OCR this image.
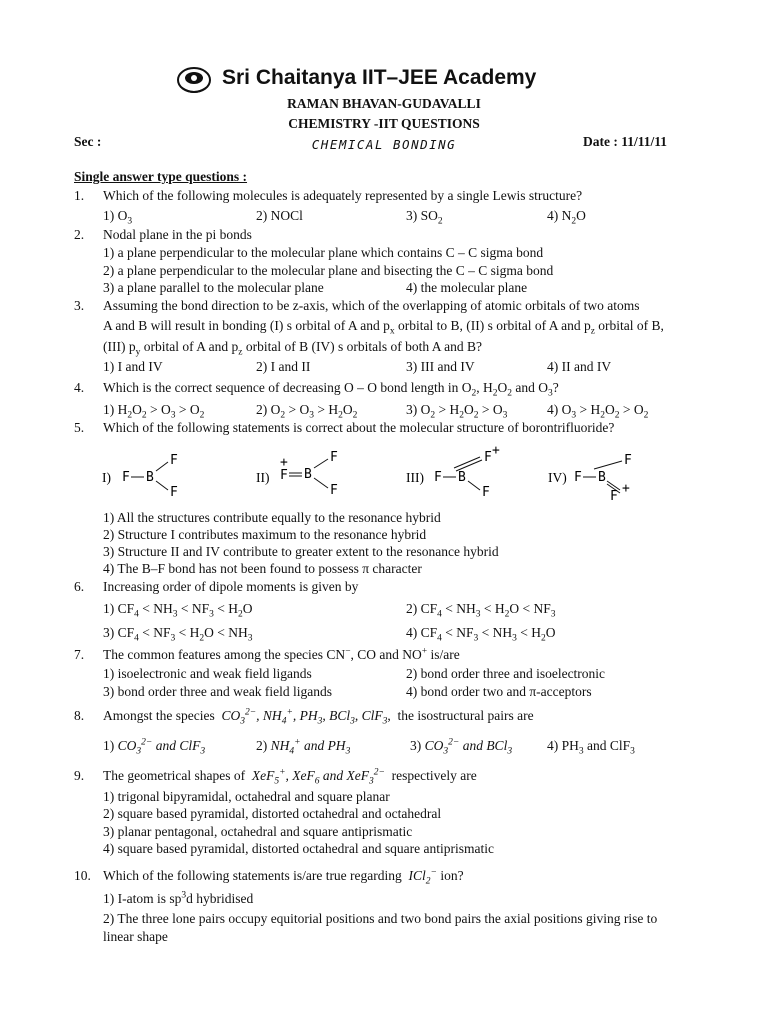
Sri Chaitanya IIT–JEE Academy
RAMAN BHAVAN-GUDAVALLI
CHEMISTRY -IIT QUESTIONS
Sec :	Date : 11/11/11
CHEMICAL BONDING
Single answer type questions :
1. Which of the following molecules is adequately represented by a single Lewis structure?
1) $O_3$	2) NOCl	3) $SO_2$	4) $N_2O$
2. Nodal plane in the pi bonds
1) a plane perpendicular to the molecular plane which contains C – C sigma bond
2) a plane perpendicular to the molecular plane and bisecting the C – C sigma bond
3) a plane parallel to the molecular plane	4) the molecular plane
3. Assuming the bond direction to be z-axis, which of the overlapping of atomic orbitals of two atoms
A and B will result in bonding (I) s orbital of A and $p_x$ orbital to B, (II) s orbital of A and $p_z$ orbital of B,
(III) $p_y$ orbital of A and $p_z$ orbital of B (IV) s orbitals of both A and B?
1) I and IV	2) I and II	3) III and IV	4) II and IV
4. Which is the correct sequence of decreasing O – O bond length in $O_2$, $H_2O_2$ and $O_3$?
1) $H_2O_2 > O_3 > O_2$	2) $O_2 > O_3 > H_2O_2$	3) $O_2 > H_2O_2 > O_3$	4) $O_3 > H_2O_2 > O_2$
5. Which of the following statements is correct about the molecular structure of borontrifluoride?
I) F B
F
F
II)
+
F B
F
F
III) F B
F +
F
IV) F B
F
F
+
1) All the structures contribute equally to the resonance hybrid
2) Structure I contributes maximum to the resonance hybrid
3) Structure II and IV contribute to greater extent to the resonance hybrid
4) The B–F bond has not been found to possess π character
6. Increasing order of dipole moments is given by
1) $CF_4 < NH_3 < NF_3 < H_2O$	2) $CF_4 < NH_3 < H_2O < NF_3$
3) $CF_4 < NF_3 < H_2O < NH_3$	4) $CF_4 < NF_3 < NH_3 < H_2O$
7. The common features among the species CN−, CO and NO+ is/are
1) isoelectronic and weak field ligands	2) bond order three and isoelectronic
3) bond order three and weak field ligands	4) bond order two and π-acceptors
8. Amongst the species $CO_3^{2-}$, $NH_4^+$, $PH_3$, BCl$_3$, ClF$_3$,  the isostructural pairs are
1) $CO_3^{2-}$ and ClF$_3$	2) $NH_4^+$ and $PH_3$	3) $CO_3^{2-}$ and BCl$_3$	4) $PH_3$ and ClF$_3$
9. The geometrical shapes of XeF$_5$+, XeF$_6$ and XeF$_3^{2-}$  respectively are
1) trigonal bipyramidal, octahedral and square planar
2) square based pyramidal, distorted octahedral and octahedral
3) planar pentagonal, octahedral and square antiprismatic
4) square based pyramidal, distorted octahedral and square antiprismatic
10. Which of the following statements is/are true regarding ICl$_2$− ion?
1) I-atom is $sp^3d$ hybridised
2) The three lone pairs occupy equitorial positions and two bond pairs the axial positions giving rise to
linear shape
